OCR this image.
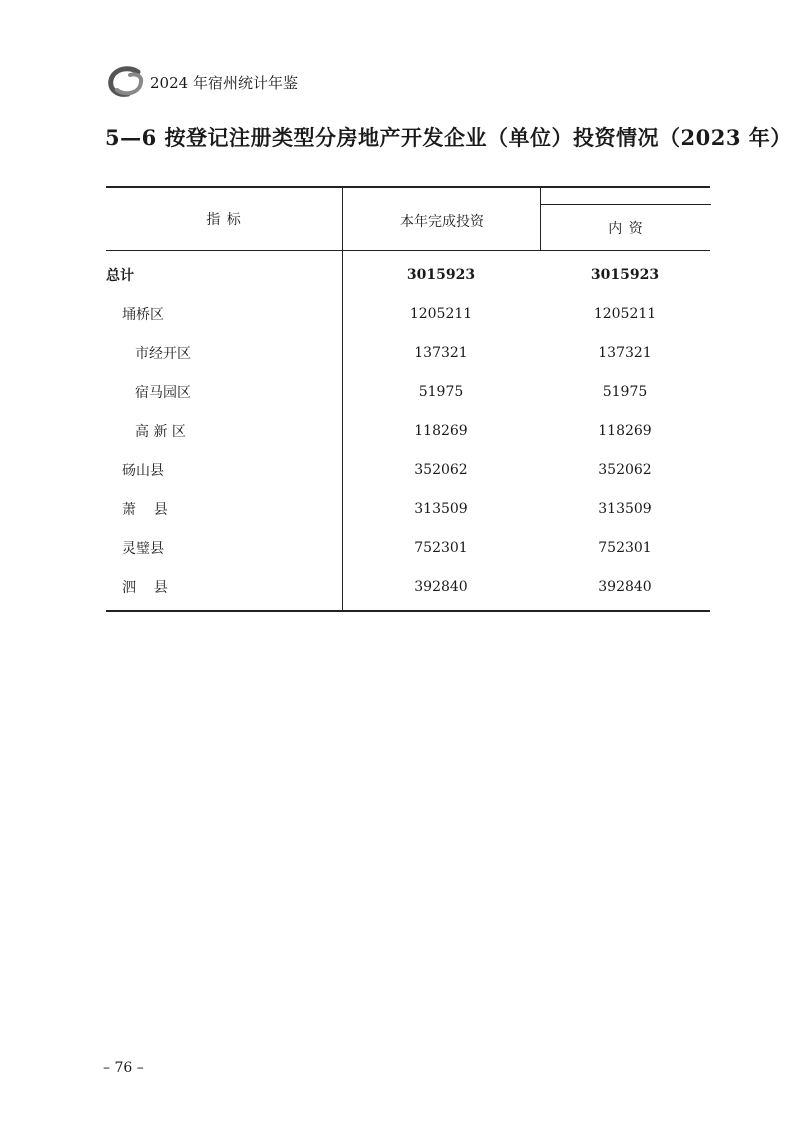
2024 年宿州统计年鉴
5—6 按登记注册类型分房地产开发企业（单位）投资情况（2023 年）
指 标	本年完成投资	内 资
总计	3015923	3015923
埇桥区	1205211	1205211
市经开区	137321	137321
宿马园区	51975	51975
高 新 区	118269	118269
砀山县	352062	352062
萧    县	313509	313509
灵璧县	752301	752301
泗    县	392840	392840
– 76 –
